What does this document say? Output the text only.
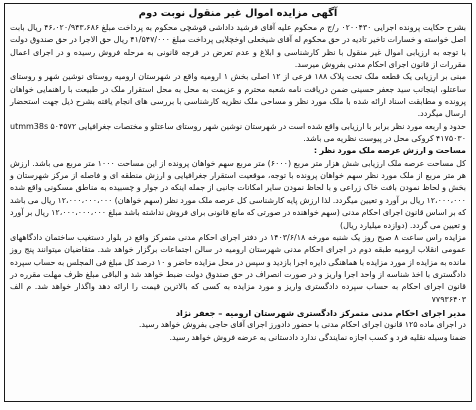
آگهی مزایده اموال غیر منقول نوبت دوم

بشرح حکایت پرونده اجرایی ۰۲۰۰۴۳۰ ر/ج م محکوم علیه آقای فرشید داداشی قوشچی محکوم به پرداخت مبلغ ۴۶،۰۲۰/۹۴۳،۶۸۶ ریال بابت اصل خواسته و خسارات تاخیر تادیه در حق محکوم له آقای شیخعلی اوخچلایی پرداخت مبلغ ۴۱/۵۴۷/۰۰۰ ریال حق الاجرا در حق صندوق دولت با توجه به ارزیابی اموال غیر منقول با نظر کارشناسی و ابلاغ و عدم تعرض در فرجه قانونی به مرحله فروش رسیده و در اجرای اعمال مقررات از قانون اجرای احکام مدنی بفروش میرسد.

مبنی بر ارزیابی یک قطعه ملک تحت پلاک ۱۸۸ فرعی از ۱۲ اصلی بخش ۱ ارومیه واقع در شهرستان ارومیه روستای نوشین شهر و روستای ساعتلو، اینجانب سید جعفر حسینی ضمن دریافت نامه شعبه محترم و عزیمت به محل به محل استقرار ملک در طبیعت با راهنمایی خواهان پرونده و مطابقت اسناد ارائه شده با ملک مورد نظر و مساحی ملک نظریه کارشناسی با بررسی های انجام یافته بشرح ذیل جهت استحضار ارسال میگردد.

حدود و اربعه مورد نظر برابر با ارزیابی واقع شده است در شهرستان نوشین شهر روستای ساعتلو و مختصات جغرافیایی ۵۰۴۵۷۲ utmm38s ۴۱۷۵۰۳۰ کروکی محل در پیوست نظریه می باشد.

مساحت و ارزش عرصه ملک مورد نظر :

کل مساحت عرصه ملک ارزیابی شش هزار متر مربع (۶۰۰۰) متر مربع سهم خواهان پرونده از این مساحت ۱۰۰۰ متر مربع می باشد. ارزش هر متر مربع از ملک مورد نظر سهم خواهان پرونده با توجه، موقعیت استقرار جغرافیایی و ارزش منطقه ای و فاصله از مرکز شهرستان و بخش و لحاظ نمودن بافت خاک زراعی و با لحاظ نمودن سایر امکانات جانبی از جمله اینکه در جوار و چسبیده به مناطق مسکونی واقع شده ۱۲،۰۰۰،۰۰۰ ریال بر آورد و تعیین میگردد. لذا ارزش پایه کارشناسی کل عرصه ملک مورد نظر (سهم خواهان) ۱۲،۰۰۰،۰۰۰،۰۰۰ ریال می باشد که بر اساس قانون اجرای احکام مدنی (سهم خواهنده در صورتی که مانع قانونی برای فروش نداشته باشد مبلغ ۱۲،۰۰۰،۰۰۰،۰۰۰ ریال بر آورد و تعیین می گردد. (دوازده میلیارد ریال)

مزایده راس ساعت ۸ صبح روز یک شنبه مورخه ۱۴۰۳/۶/۱۸ در دفتر اجرای احکام مدنی متمرکز واقع در بلوار دستغیب ساختمان دادگاههای عمومی انقلاب ارومیه طبقه دوم در اجرای احکام مدنی شهرستان ارومیه در سالن اجتماعات برگزار خواهد شد. متقاضیان میتوانند پنج روز مانده به مزایده از مورد مزایده با هماهنگی دایره اجرا بازدید و سپس در محل مزایده حاضر و ۱۰ درصد کل مبلغ فی المجلس به حساب سپرده دادگستری با اخذ شناسه از واحد اجرا واریز و در صورت انصراف در حق صندوق دولت ضبط خواهد شد و الباقی مبلغ ظرف مهلت مقرره در قانون اجرای احکام به حساب سپرده دادگستری واریز و مورد مزایده به کسی که بالاترین قیمت را ارائه دهد واگذار خواهد شد. م الف ۷۷۹۳۶۴۰۳

مدیر اجرای احکام مدنی متمرکز دادگستری شهرستان ارومیه – جعفر نژاد

در اجرای ماده ۱۲۵ قانون اجرای احکام مدنی با حضور دادورز اجرای آقای حاجی بفروش خواهد رسید.

ضمنا وسیله نقلیه فرد و کسب اجازه نمایندگی ندارد دادستانی به عرضه فروش خواهد رسید.
